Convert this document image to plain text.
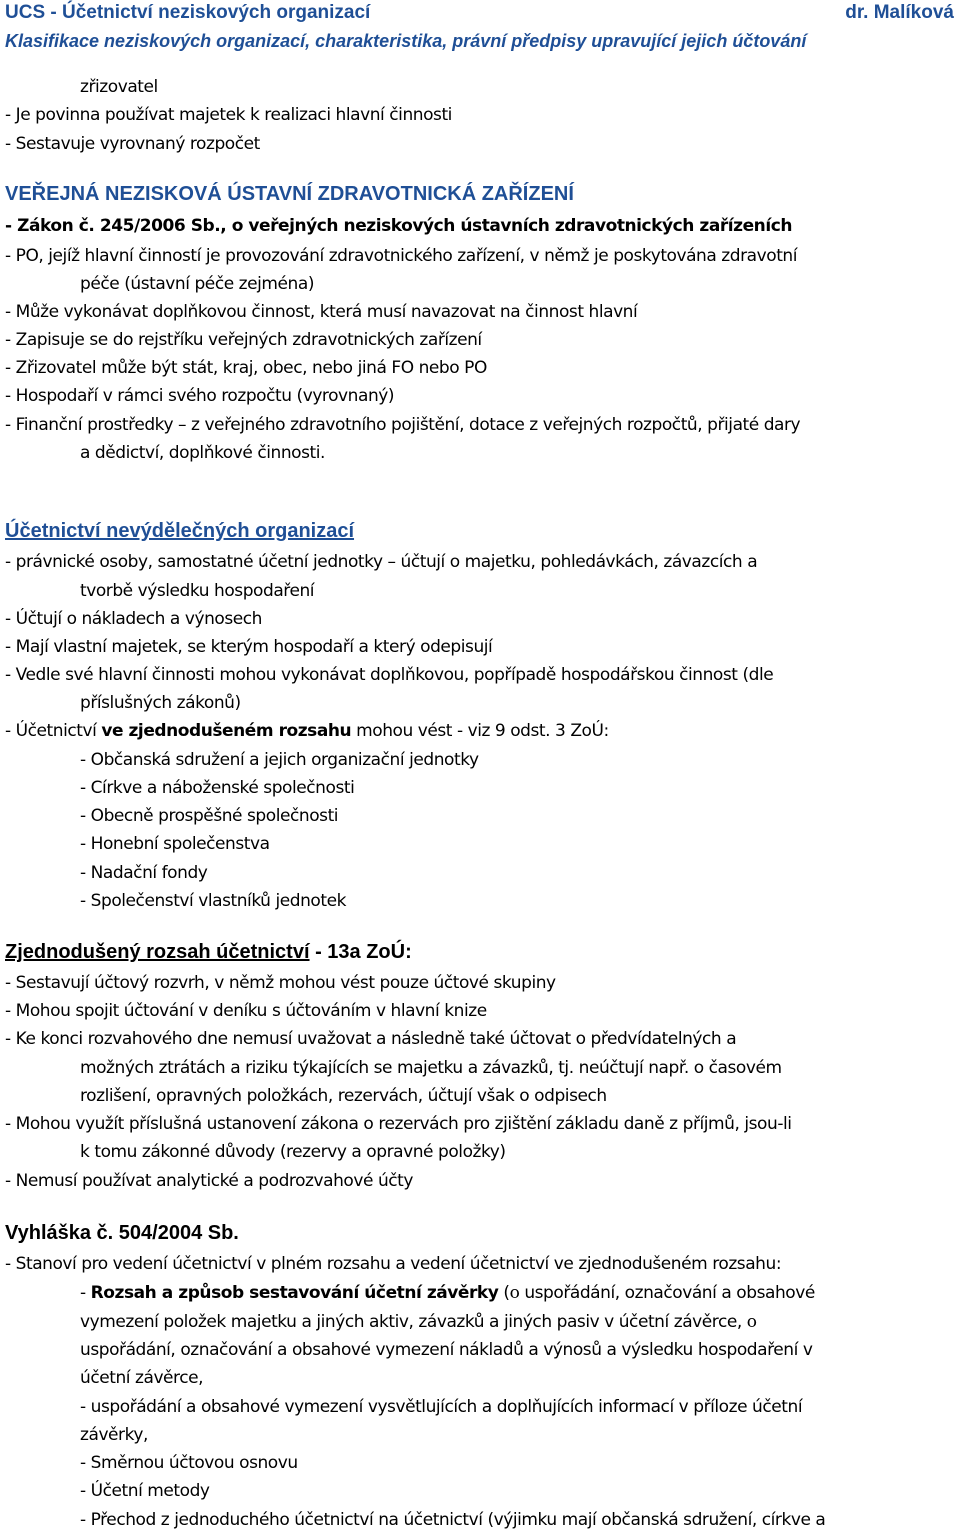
UCS - Účetnictví neziskových organizací	dr. Malíková
Klasifikace neziskových organizací, charakteristika, právní předpisy upravující jejich účtování
zřizovatel
- Je povinna používat majetek k realizaci hlavní činnosti
- Sestavuje vyrovnaný rozpočet
VEŘEJNÁ NEZISKOVÁ ÚSTAVNÍ ZDRAVOTNICKÁ ZAŘÍZENÍ
- Zákon č. 245/2006 Sb., o veřejných neziskových ústavních zdravotnických zařízeních
- PO, jejíž hlavní činností je provozování zdravotnického zařízení, v němž je poskytována zdravotní
péče (ústavní péče zejména)
- Může vykonávat doplňkovou činnost, která musí navazovat na činnost hlavní
- Zapisuje se do rejstříku veřejných zdravotnických zařízení
- Zřizovatel může být stát, kraj, obec, nebo jiná FO nebo PO
- Hospodaří v rámci svého rozpočtu (vyrovnaný)
- Finanční prostředky – z veřejného zdravotního pojištění, dotace z veřejných rozpočtů, přijaté dary
a dědictví, doplňkové činnosti.
Účetnictví nevýdělečných organizací
- právnické osoby, samostatné účetní jednotky – účtují o majetku, pohledávkách, závazcích a
tvorbě výsledku hospodaření
- Účtují o nákladech a výnosech
- Mají vlastní majetek, se kterým hospodaří a který odepisují
- Vedle své hlavní činnosti mohou vykonávat doplňkovou, popřípadě hospodářskou činnost (dle
příslušných zákonů)
- Účetnictví ve zjednodušeném rozsahu mohou vést - viz 9 odst. 3 ZoÚ:
- Občanská sdružení a jejich organizační jednotky
- Církve a náboženské společnosti
- Obecně prospěšné společnosti
- Honební společenstva
- Nadační fondy
- Společenství vlastníků jednotek
Zjednodušený rozsah účetnictví - 13a ZoÚ:
- Sestavují účtový rozvrh, v němž mohou vést pouze účtové skupiny
- Mohou spojit účtování v deníku s účtováním v hlavní knize
- Ke konci rozvahového dne nemusí uvažovat a následně také účtovat o předvídatelných a
možných ztrátách a riziku týkajících se majetku a závazků, tj. neúčtují např. o časovém
rozlišení, opravných položkách, rezervách, účtují však o odpisech
- Mohou využít příslušná ustanovení zákona o rezervách pro zjištění základu daně z příjmů, jsou-li
k tomu zákonné důvody (rezervy a opravné položky)
- Nemusí používat analytické a podrozvahové účty
Vyhláška č. 504/2004 Sb.
- Stanoví pro vedení účetnictví v plném rozsahu a vedení účetnictví ve zjednodušeném rozsahu:
- Rozsah a způsob sestavování účetní závěrky (o uspořádání, označování a obsahové
vymezení položek majetku a jiných aktiv, závazků a jiných pasiv v účetní závěrce, o
uspořádání, označování a obsahové vymezení nákladů a výnosů a výsledku hospodaření v
účetní závěrce,
- uspořádání a obsahové vymezení vysvětlujících a doplňujících informací v příloze účetní
závěrky,
- Směrnou účtovou osnovu
- Účetní metody
- Přechod z jednoduchého účetnictví na účetnictví (výjimku mají občanská sdružení, církve a
